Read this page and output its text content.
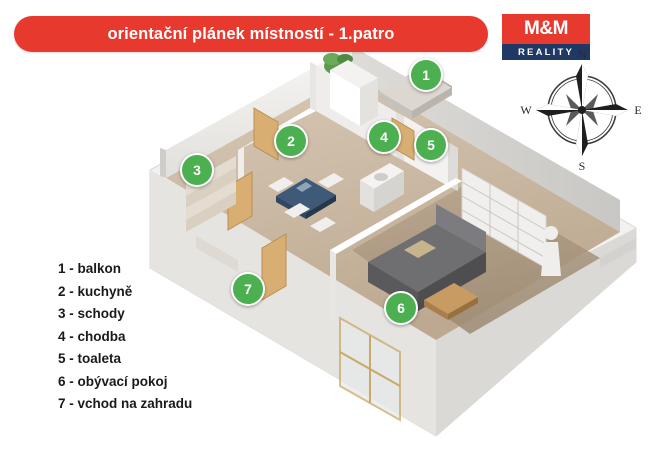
orientační plánek místností - 1.patro	M&M
REALITY N
E
S
W
1
2
3
4	5
6
7
1 - balkon
2 - kuchyně
3 - schody
4 - chodba
5 - toaleta
6 - obývací pokoj
7 - vchod na zahradu
